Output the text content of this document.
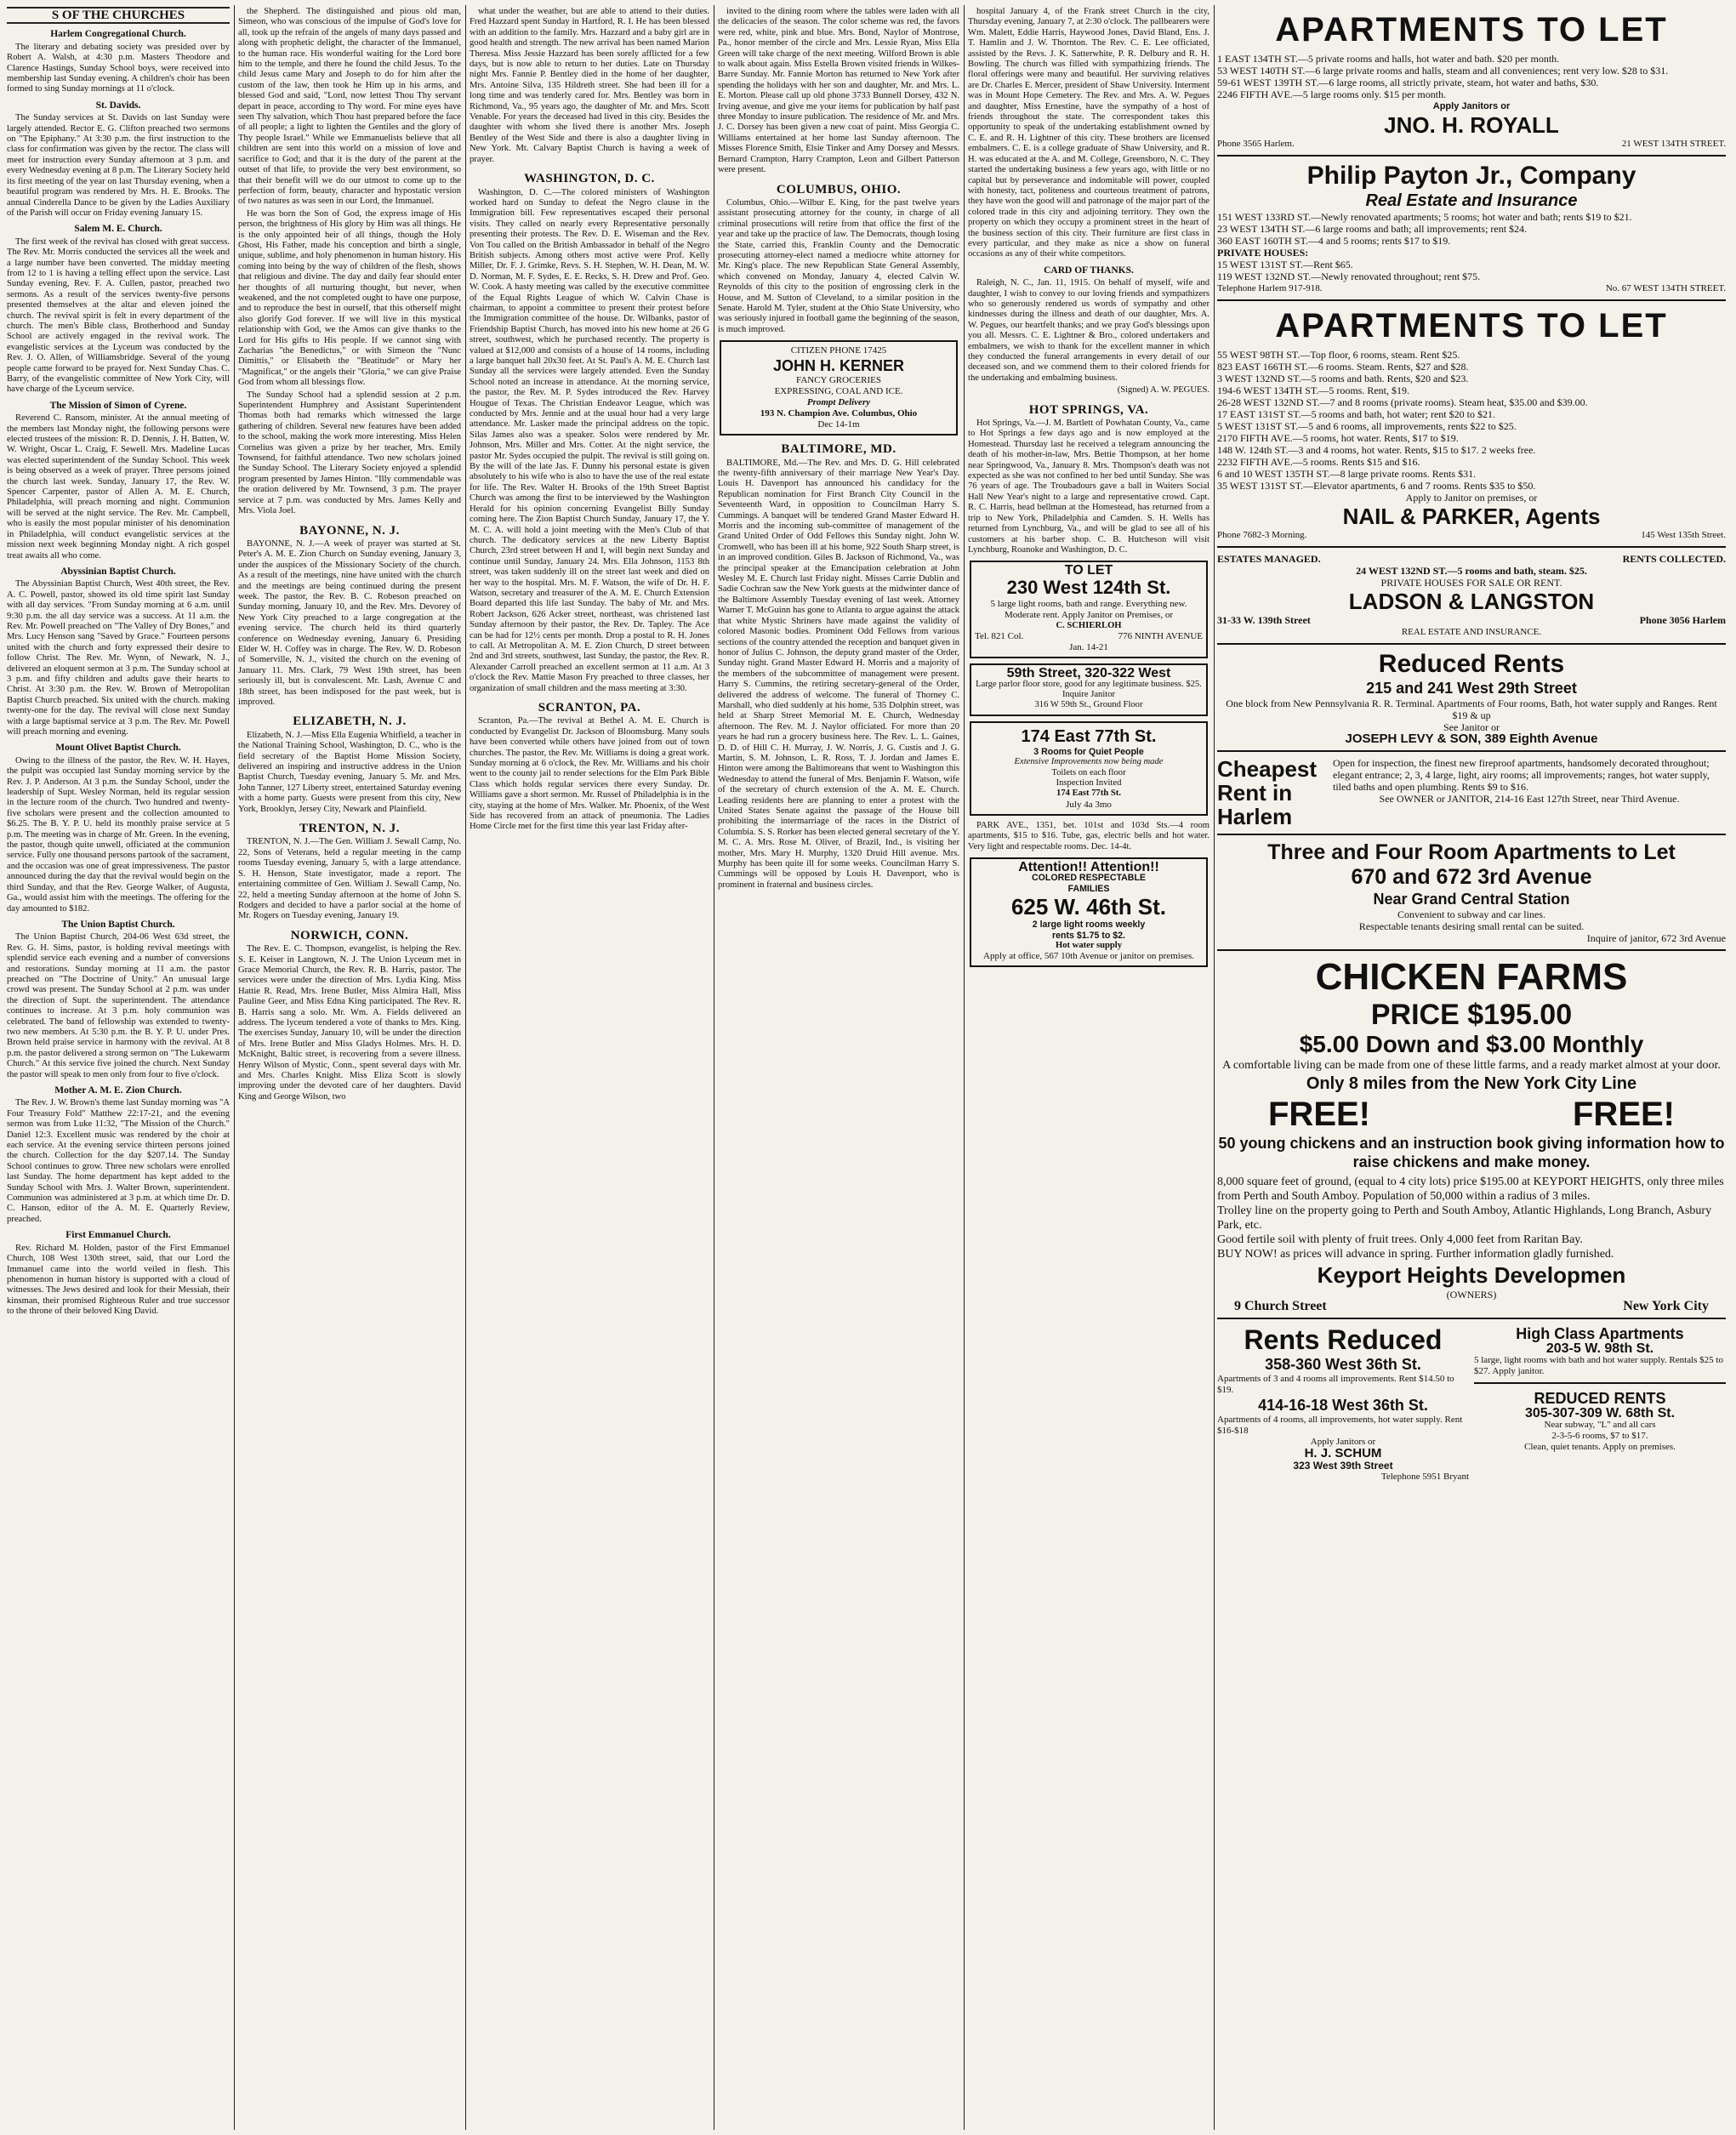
S OF THE CHURCHES
Harlem Congregational Church.

The literary and debating society was presided over by Robert A. Walsh, at 4:30 p.m. Masters Theodore and Clarence Hastings, Sunday School boys, were received into membership last Sunday evening. A children's choir has been formed to sing Sunday mornings at 11 o'clock.

St. Davids.

The Sunday services at St. Davids on last Sunday were largely attended. Rector E. G. Clifton preached two sermons on "The Epiphany." At 3:30 p.m. the first instruction to the class for confirmation was given by the rector. The class will meet for instruction every Sunday afternoon at 3 p.m. and every Wednesday evening at 8 p.m. The Literary Society held its first meeting of the year on last Thursday evening, when a beautiful program was rendered by Mrs. H. E. Brooks. The annual Cinderella Dance to be given by the Ladies Auxiliary of the Parish will occur on Friday evening January 15.

Salem M. E. Church.

The first week of the revival has closed with great success. The Rev. Mr. Morris conducted the services all the week and a large number have been converted. The midday meeting from 12 to 1 is having a telling effect upon the service. Last Sunday evening, Rev. F. A. Cullen, pastor, preached two sermons. As a result of the services twenty-five persons presented themselves at the altar and eleven joined the church. The revival spirit is felt in every department of the church. The men's Bible class, Brotherhood and Sunday School are actively engaged in the revival work. The evangelistic services at the Lyceum was conducted by the Rev. J. O. Allen, of Williamsbridge. Several of the young people came forward to be prayed for. Next Sunday Chas. C. Barry, of the evangelistic committee of New York City, will have charge of the Lyceum service.

The Mission of Simon of Cyrene.

Reverend C. Ransom, minister. At the annual meeting of the members last Monday night, the following persons were elected trustees of the mission: R. D. Dennis, J. H. Batten, W. W. Wright, Oscar L. Craig, F. Sewell. Mrs. Madeline Lucas was elected superintendent of the Sunday School. This week is being observed as a week of prayer. Three persons joined the church last week. Sunday, January 17, the Rev. W. Spencer Carpenter, pastor of Allen A. M. E. Church, Philadelphia, will preach morning and night. Communion will be served at the night service. The Rev. Mr. Campbell, who is easily the most popular minister of his denomination in Philadelphia, will conduct evangelistic services at the mission next week beginning Monday night. A rich gospel treat awaits all who come.

Abyssinian Baptist Church.

The Abyssinian Baptist Church, West 40th street, the Rev. A. C. Powell, pastor, showed its old time spirit last Sunday with all day services. "From Sunday morning at 6 a.m. until 9:30 p.m. the all day service was a success. At 11 a.m. the Rev. Mr. Powell preached on "The Valley of Dry Bones," and Mrs. Lucy Henson sang "Saved by Grace." Fourteen persons united with the church and forty expressed their desire to follow Christ. The Rev. Mr. Wynn, of Newark, N. J., delivered an eloquent sermon at 3 p.m. The Sunday school at 3 p.m. and fifty children and adults gave their hearts to Christ. At 3:30 p.m. the Rev. W. Brown of Metropolitan Baptist Church preached. Six united with the church. making twenty-one for the day. The revival will close next Sunday with a large baptismal service at 3 p.m. The Rev. Mr. Powell will preach morning and evening.

Mount Olivet Baptist Church.

Owing to the illness of the pastor, the Rev. W. H. Hayes, the pulpit was occupied last Sunday morning service by the Rev. J. P. Anderson. At 3 p.m. the Sunday School, under the leadership of Supt. Wesley Norman, held its regular session in the lecture room of the church. Two hundred and twenty-five scholars were present and the collection amounted to $6.25. The B. Y. P. U. held its monthly praise service at 5 p.m. The meeting was in charge of Mr. Green. In the evening, the pastor, though quite unwell, officiated at the communion service. Fully one thousand persons partook of the sacrament, and the occasion was one of great impressiveness. The pastor announced during the day that the revival would begin on the third Sunday, and that the Rev. George Walker, of Augusta, Ga., would assist him with the meetings. The offering for the day amounted to $182.

The Union Baptist Church.

The Union Baptist Church, 204-06 West 63d street, the Rev. G. H. Sims, pastor, is holding revival meetings with splendid service each evening and a number of conversions and restorations. Sunday morning at 11 a.m. the pastor preached on "The Doctrine of Unity." An unusual large crowd was present. The Sunday School at 2 p.m. was under the direction of Supt. the superintendent. The attendance continues to increase. At 3 p.m. holy communion was celebrated. The band of fellowship was extended to twenty-two new members. At 5:30 p.m. the B. Y. P. U. under Pres. Brown held praise service in harmony with the revival. At 8 p.m. the pastor delivered a strong sermon on "The Lukewarm Church." At this service five joined the church. Next Sunday the pastor will speak to men only from four to five o'clock.

Mother A. M. E. Zion Church.

The Rev. J. W. Brown's theme last Sunday morning was "A Four Treasury Fold" Matthew 22:17-21, and the evening sermon was from Luke 11:32, "The Mission of the Church." Daniel 12:3. Excellent music was rendered by the choir at each service. At the evening service thirteen persons joined the church. Collection for the day $207.14. The Sunday School continues to grow. Three new scholars were enrolled last Sunday. The home department has kept added to the Sunday School with Mrs. J. Walter Brown, superintendent. Communion was administered at 3 p.m. at which time Dr. D. C. Hanson, editor of the A. M. E. Quarterly Review, preached.

First Emmanuel Church.

Rev. Richard M. Holden, pastor of the First Emmanuel Church, 108 West 130th street, said, that our Lord the Immanuel came into the world veiled in flesh. This phenomenon in human history is supported with a cloud of witnesses. The Jews desired and look for their Messiah, their kinsman, their promised Righteous Ruler and true successor to the throne of their beloved King David.

the Shepherd. The distinguished and pious old man, Simeon, who was conscious of the impulse of God's love for all, took up the refrain of the angels of many days passed and along with prophetic delight, the character of the Immanuel, to the human race. His wonderful waiting for the Lord bore him to the temple, and there he found the child Jesus. To the child Jesus came Mary and Joseph to do for him after the custom of the law, then took he Him up in his arms, and blessed God and said, "Lord, now lettest Thou Thy servant depart in peace, according to Thy word. For mine eyes have seen Thy salvation, which Thou hast prepared before the face of all people; a light to lighten the Gentiles and the glory of Thy people Israel." While we Emmanuelists believe that all children are sent into this world on a mission of love and sacrifice to God; and that it is the duty of the parent at the outset of that life, to provide the very best environment, so that their benefit will we do our utmost to come up to the perfection of form, beauty, character and hypostatic version of two natures as was seen in our Lord, the Immanuel.

He was born the Son of God, the express image of His person, the brightness of His glory by Him was all things. He is the only appointed heir of all things, though the Holy Ghost, His Father, made his conception and birth a single, unique, sublime, and holy phenomenon in human history. His coming into being by the way of children of the flesh, shows that religious and divine. The day and daily fear should enter her thoughts of all nurturing thought, but never, when weakened, and the not completed ought to have one purpose, and to reproduce the best in ourself, that this otherself might also glorify God forever. If we will live in this mystical relationship with God, we the Amos can give thanks to the Lord for His gifts to His people. If we cannot sing with Zacharias "the Benedictus," or with Simeon the "Nunc Dimittis," or Elisabeth the "Beatitude" or Mary her "Magnificat," or the angels their "Gloria," we can give Praise God from whom all blessings flow.

The Sunday School had a splendid session at 2 p.m. Superintendent Humphrey and Assistant Superintendent Thomas both had remarks which witnessed the large gathering of children. Several new features have been added to the school, making the work more interesting. Miss Helen Cornelius was given a prize by her teacher, Mrs. Emily Townsend, for faithful attendance. Two new scholars joined the Sunday School. The Literary Society enjoyed a splendid program presented by James Hinton. "Illy commendable was the oration delivered by Mr. Townsend, 3 p.m. The prayer service at 7 p.m. was conducted by Mrs. James Kelly and Mrs. Viola Joel.

BAYONNE, N. J.

BAYONNE, N. J.—A week of prayer was started at St. Peter's A. M. E. Zion Church on Sunday evening, January 3, under the auspices of the Missionary Society of the church. As a result of the meetings, nine have united with the church and the meetings are being continued during the present week. The pastor, the Rev. B. C. Robeson preached on Sunday morning, January 10, and the Rev. Mrs. Devorey of New York City preached to a large congregation at the evening service. The church held its third quarterly conference on Wednesday evening, January 6. Presiding Elder W. H. Coffey was in charge. The Rev. W. D. Robeson of Somerville, N. J., visited the church on the evening of January 11. Mrs. Clark, 79 West 19th street, has been seriously ill, but is convalescent. Mr. Lash, Avenue C and 18th street, has been indisposed for the past week, but is improved.

ELIZABETH, N. J.

Elizabeth, N. J.—Miss Ella Eugenia Whitfield, a teacher in the National Training School, Washington, D. C., who is the field secretary of the Baptist Home Mission Society, delivered an inspiring and instructive address in the Union Baptist Church, Tuesday evening, January 5. Mr. and Mrs. John Tanner, 127 Liberty street, entertained Saturday evening with a home party. Guests were present from this city, New York, Brooklyn, Jersey City, Newark and Plainfield.

TRENTON, N. J.

TRENTON, N. J.—The Gen. William J. Sewall Camp, No. 22, Sons of Veterans, held a regular meeting in the camp rooms Tuesday evening, January 5, with a large attendance. S. H. Henson, State investigator, made a report. The entertaining committee of Gen. William J. Sewall Camp, No. 22, held a meeting Sunday afternoon at the home of John S. Rodgers and decided to have a parlor social at the home of Mr. Rogers on Tuesday evening, January 19.

NORWICH, CONN.

The Rev. E. C. Thompson, evangelist, is helping the Rev. S. E. Keiser in Langtown, N. J. The Union Lyceum met in Grace Memorial Church, the Rev. R. B. Harris, pastor. The services were under the direction of Mrs. Lydia King. Miss Hattie R. Read, Mrs. Irene Butler, Miss Almira Hall, Miss Pauline Geer, and Miss Edna King participated. The Rev. R. B. Harris sang a solo. Mr. Wm. A. Fields delivered an address. The lyceum tendered a vote of thanks to Mrs. King. The exercises Sunday, January 10, will be under the direction of Mrs. Irene Butler and Miss Gladys Holmes. Mrs. H. D. McKnight, Baltic street, is recovering from a severe illness. Henry Wilson of Mystic, Conn., spent several days with Mr. and Mrs. Charles Knight. Miss Eliza Scott is slowly improving under the devoted care of her daughters. David King and George Wilson, two

what under the weather, but are able to attend to their duties. Fred Hazzard spent Sunday in Hartford, R. I. He has been blessed with an addition to the family. Mrs. Hazzard and a baby girl are in good health and strength. The new arrival has been named Marion Theresa. Miss Jessie Hazzard has been sorely afflicted for a few days, but is now able to return to her duties. Late on Thursday night Mrs. Fannie P. Bentley died in the home of her daughter, Mrs. Antoine Silva, 135 Hildreth street. She had been ill for a long time and was tenderly cared for. Mrs. Bentley was born in Richmond, Va., 95 years ago, the daughter of Mr. and Mrs. Scott Venable. For years the deceased had lived in this city. Besides the daughter with whom she lived there is another Mrs. Joseph Bentley of the West Side and there is also a daughter living in New York. Mt. Calvary Baptist Church is having a week of prayer.

WASHINGTON, D. C.

Washington, D. C.—The colored ministers of Washington worked hard on Sunday to defeat the Negro clause in the Immigration bill. Few representatives escaped their personal visits. They called on nearly every Representative personally presenting their protests. The Rev. D. E. Wiseman and the Rev. Von Tou called on the British Ambassador in behalf of the Negro British subjects. Among others most active were Prof. Kelly Miller, Dr. F. J. Grimke, Revs. S. H. Stephen, W. H. Dean, M. W. D. Norman, M. F. Sydes, E. E. Recks, S. H. Drew and Prof. Geo. W. Cook. A hasty meeting was called by the executive committee of the Equal Rights League of which W. Calvin Chase is chairman, to appoint a committee to present their protest before the Immigration committee of the house. Dr. Wilbanks, pastor of Friendship Baptist Church, has moved into his new home at 26 G street, southwest, which he purchased recently. The property is valued at $12,000 and consists of a house of 14 rooms, including a large banquet hall 20x30 feet. At St. Paul's A. M. E. Church last Sunday all the services were largely attended. Even the Sunday School noted an increase in attendance. At the morning service, the pastor, the Rev. M. P. Sydes introduced the Rev. Harvey Hougue of Texas. The Christian Endeavor League, which was conducted by Mrs. Jennie and at the usual hour had a very large attendance. Mr. Lasker made the principal address on the topic. Silas James also was a speaker. Solos were rendered by Mr. Johnson, Mrs. Miller and Mrs. Cotter. At the night service, the pastor Mr. Sydes occupied the pulpit. The revival is still going on. By the will of the late Jas. F. Dunny his personal estate is given absolutely to his wife who is also to have the use of the real estate for life. The Rev. Walter H. Brooks of the 19th Street Baptist Church was among the first to be interviewed by the Washington Herald for his opinion concerning Evangelist Billy Sunday coming here. The Zion Baptist Church Sunday, January 17, the Y. M. C. A. will hold a joint meeting with the Men's Club of that church. The dedicatory services at the new Liberty Baptist Church, 23rd street between H and I, will begin next Sunday and continue until Sunday, January 24. Mrs. Ella Johnson, 1153 8th street, was taken suddenly ill on the street last week and died on her way to the hospital. Mrs. M. F. Watson, the wife of Dr. H. F. Watson, secretary and treasurer of the A. M. E. Church Extension Board departed this life last Sunday. The baby of Mr. and Mrs. Robert Jackson, 626 Acker street, northeast, was christened last Sunday afternoon by their pastor, the Rev. Dr. Tapley. The Ace can be had for 12½ cents per month. Drop a postal to R. H. Jones to call. At Metropolitan A. M. E. Zion Church, D street between 2nd and 3rd streets, southwest, last Sunday, the pastor, the Rev. R. Alexander Carroll preached an excellent sermon at 11 a.m. At 3 o'clock the Rev. Mattie Mason Fry preached to three classes, her organization of small children and the mass meeting at 3:30.

SCRANTON, PA.

Scranton, Pa.—The revival at Bethel A. M. E. Church is conducted by Evangelist Dr. Jackson of Bloomsburg. Many souls have been converted while others have joined from out of town churches. The pastor, the Rev. Mr. Williams is doing a great work. Sunday morning at 6 o'clock, the Rev. Mr. Williams and his choir went to the county jail to render selections for the Elm Park Bible Class which holds regular services there every Sunday. Dr. Williams gave a short sermon. Mr. Russel of Philadelphia is in the city, staying at the home of Mrs. Walker. Mr. Phoenix, of the West Side has recovered from an attack of pneumonia. The Ladies Home Circle met for the first time this year last Friday after-

invited to the dining room where the tables were laden with all the delicacies of the season. The color scheme was red, the favors were red, white, pink and blue. Mrs. Bond, Naylor of Montrose, Pa., honor member of the circle and Mrs. Lessie Ryan, Miss Ella Green will take charge of the next meeting. Wilford Brown is able to walk about again. Miss Estella Brown visited friends in Wilkes-Barre Sunday. Mr. Fannie Morton has returned to New York after spending the holidays with her son and daughter, Mr. and Mrs. L. E. Morton. Please call up old phone 3733 Bunnell Dorsey, 432 N. Irving avenue, and give me your items for publication by half past three Monday to insure publication. The residence of Mr. and Mrs. J. C. Dorsey has been given a new coat of paint. Miss Georgia C. Williams entertained at her home last Sunday afternoon. The Misses Florence Smith, Elsie Tinker and Amy Dorsey and Messrs. Bernard Crampton, Harry Crampton, Leon and Gilbert Patterson were present.

COLUMBUS, OHIO.

Columbus, Ohio.—Wilbur E. King, for the past twelve years assistant prosecuting attorney for the county, in charge of all criminal prosecutions will retire from that office the first of the year and take up the practice of law. The Democrats, though losing the State, carried this, Franklin County and the Democratic prosecuting attorney-elect named a mediocre white attorney for Mr. King's place. The new Republican State General Assembly, which convened on Monday, January 4, elected Calvin W. Reynolds of this city to the position of engrossing clerk in the House, and M. Sutton of Cleveland, to a similar position in the Senate. Harold M. Tyler, student at the Ohio State University, who was seriously injured in football game the beginning of the season, is much improved.

CITIZEN PHONE 17425
JOHN H. KERNER
FANCY GROCERIES
EXPRESSING, COAL AND ICE.
Prompt Delivery
193 N. Champion Ave. Columbus, Ohio
Dec 14-1m
BALTIMORE, MD.

BALTIMORE, Md.—The Rev. and Mrs. D. G. Hill celebrated the twenty-fifth anniversary of their marriage New Year's Day. Louis H. Davenport has announced his candidacy for the Republican nomination for First Branch City Council in the Seventeenth Ward, in opposition to Councilman Harry S. Cummings. A banquet will be tendered Grand Master Edward H. Morris and the incoming sub-committee of management of the Grand United Order of Odd Fellows this Sunday night. John W. Cromwell, who has been ill at his home, 922 South Sharp street, is in an improved condition. Giles B. Jackson of Richmond, Va., was the principal speaker at the Emancipation celebration at John Wesley M. E. Church last Friday night. Misses Carrie Dublin and Sadie Cochran saw the New York guests at the midwinter dance of the Baltimore Assembly Tuesday evening of last week. Attorney Warner T. McGuinn has gone to Atlanta to argue against the attack that white Mystic Shriners have made against the validity of colored Masonic bodies. Prominent Odd Fellows from various sections of the country attended the reception and banquet given in honor of Julius C. Johnson, the deputy grand master of the Order, Sunday night. Grand Master Edward H. Morris and a majority of the members of the subcommittee of management were present. Harry S. Cummins, the retiring secretary-general of the Order, delivered the address of welcome. The funeral of Thorney C. Marshall, who died suddenly at his home, 535 Dolphin street, was held at Sharp Street Memorial M. E. Church, Wednesday afternoon. The Rev. M. J. Naylor officiated. For more than 20 years he had run a grocery business here. The Rev. L. L. Gaines, D. D. of Hill C. H. Murray, J. W. Norris, J. G. Custis and J. G. Martin, S. M. Johnson, L. R. Ross, T. J. Jordan and James E. Hinton were among the Baltimoreans that went to Washington this Wednesday to attend the funeral of Mrs. Benjamin F. Watson, wife of the secretary of church extension of the A. M. E. Church. Leading residents here are planning to enter a protest with the United States Senate against the passage of the House bill prohibiting the intermarriage of the races in the District of Columbia. S. S. Rorker has been elected general secretary of the Y. M. C. A. Mrs. Rose M. Oliver, of Brazil, Ind., is visiting her mother, Mrs. Mary H. Murphy, 1320 Druid Hill avenue. Mrs. Murphy has been quite ill for some weeks. Councilman Harry S. Cummings will be opposed by Louis H. Davenport, who is prominent in fraternal and business circles.

hospital January 4, of the Frank street Church in the city, Thursday evening, January 7, at 2:30 o'clock. The pallbearers were Wm. Malett, Eddie Harris, Haywood Jones, David Bland, Ens. J. T. Hamlin and J. W. Thornton. The Rev. C. E. Lee officiated, assisted by the Revs. J. K. Satterwhite, P. R. Delbury and R. H. Bowling. The church was filled with sympathizing friends. The floral offerings were many and beautiful. Her surviving relatives are Dr. Charles E. Mercer, president of Shaw University. Interment was in Mount Hope Cemetery. The Rev. and Mrs. A. W. Pegues and daughter, Miss Ernestine, have the sympathy of a host of friends throughout the state. The correspondent takes this opportunity to speak of the undertaking establishment owned by C. E. and R. H. Lightner of this city. These brothers are licensed embalmers. C. E. is a college graduate of Shaw University, and R. H. was educated at the A. and M. College, Greensboro, N. C. They started the undertaking business a few years ago, with little or no capital but by perseverance and indomitable will power, coupled with honesty, tact, politeness and courteous treatment of patrons, they have won the good will and patronage of the major part of the colored trade in this city and adjoining territory. They own the property on which they occupy a prominent street in the heart of the business section of this city. Their furniture are first class in every particular, and they make as nice a show on funeral occasions as any of their white competitors.

CARD OF THANKS.

Raleigh, N. C., Jan. 11, 1915. On behalf of myself, wife and daughter, I wish to convey to our loving friends and sympathizers who so generously rendered us words of sympathy and other kindnesses during the illness and death of our daughter, Mrs. A. W. Pegues, our heartfelt thanks; and we pray God's blessings upon you all. Messrs. C. E. Lightner & Bro., colored undertakers and embalmers, we wish to thank for the excellent manner in which they conducted the funeral arrangements in every detail of our deceased son, and we commend them to their colored friends for the undertaking and embalming business.

(Signed) A. W. PEGUES.
HOT SPRINGS, VA.

Hot Springs, Va.—J. M. Bartlett of Powhatan County, Va., came to Hot Springs a few days ago and is now employed at the Homestead. Thursday last he received a telegram announcing the death of his mother-in-law, Mrs. Bettie Thompson, at her home near Springwood, Va., January 8. Mrs. Thompson's death was not expected as she was not confined to her bed until Sunday. She was 76 years of age. The Troubadours gave a ball in Waiters Social Hall New Year's night to a large and representative crowd. Capt. R. C. Harris, head bellman at the Homestead, has returned from a trip to New York, Philadelphia and Camden. S. H. Wells has returned from Lynchburg, Va., and will be glad to see all of his customers at his barber shop. C. B. Hutcheson will visit Lynchburg, Roanoke and Washington, D. C.

TO LET
230 West 124th St.
5 large light rooms, bath and range. Everything new. Moderate rent. Apply Janitor on Premises, or
C. SCHIERLOH
Tel. 821 Col.	776 NINTH AVENUE
Jan. 14-21
59th Street, 320-322 West
Large parlor floor store, good for any legitimate business. $25. Inquire Janitor
316 W 59th St., Ground Floor
174 East 77th St.
3 Rooms for Quiet People
Extensive Improvements now being made
Toilets on each floor
Inspection Invited
174 East 77th St.
July 4a 3mo

PARK AVE., 1351, bet. 101st and 103d Sts.—4 room apartments, $15 to $16. Tube, gas, electric bells and hot water. Very light and respectable rooms. Dec. 14-4t.

Attention!! Attention!!
COLORED RESPECTABLE
FAMILIES
625 W. 46th St.
2 large light rooms weekly
rents $1.75 to $2.
Hot water supply
Apply at office, 567 10th Avenue or janitor on premises.
APARTMENTS TO LET
1 EAST 134TH ST.—5 private rooms and halls, hot water and bath. $20 per month.
53 WEST 140TH ST.—6 large private rooms and halls, steam and all conveniences; rent very low. $28 to $31.
59-61 WEST 139TH ST.—6 large rooms, all strictly private, steam, hot water and baths, $30.
2246 FIFTH AVE.—5 large rooms only. $15 per month.
Apply Janitors or
JNO. H. ROYALL
Phone 3565 Harlem.	21 WEST 134TH STREET.
Philip Payton Jr., Company
Real Estate and Insurance
151 WEST 133RD ST.—Newly renovated apartments; 5 rooms; hot water and bath; rents $19 to $21.
23 WEST 134TH ST.—6 large rooms and bath; all improvements; rent $24.
360 EAST 160TH ST.—4 and 5 rooms; rents $17 to $19.
PRIVATE HOUSES:
15 WEST 131ST ST.—Rent $65.
119 WEST 132ND ST.—Newly renovated throughout; rent $75.
Telephone Harlem 917-918.	No. 67 WEST 134TH STREET.
APARTMENTS TO LET
55 WEST 98TH ST.—Top floor, 6 rooms, steam. Rent $25.
823 EAST 166TH ST.—6 rooms. Steam. Rents, $27 and $28.
3 WEST 132ND ST.—5 rooms and bath. Rents, $20 and $23.
194-6 WEST 134TH ST.—5 rooms. Rent, $19.
26-28 WEST 132ND ST.—7 and 8 rooms (private rooms). Steam heat, $35.00 and $39.00.
17 EAST 131ST ST.—5 rooms and bath, hot water; rent $20 to $21.
5 WEST 131ST ST.—5 and 6 rooms, all improvements, rents $22 to $25.
2170 FIFTH AVE.—5 rooms, hot water. Rents, $17 to $19.
148 W. 124th ST.—3 and 4 rooms, hot water. Rents, $15 to $17. 2 weeks free.
2232 FIFTH AVE.—5 rooms. Rents $15 and $16.
6 and 10 WEST 135TH ST.—8 large private rooms. Rents $31.
35 WEST 131ST ST.—Elevator apartments, 6 and 7 rooms. Rents $35 to $50.
Apply to Janitor on premises, or
NAIL & PARKER, Agents
Phone 7682-3 Morning.	145 West 135th Street.
ESTATES MANAGED.	RENTS COLLECTED.
24 WEST 132ND ST.—5 rooms and bath, steam. $25.
PRIVATE HOUSES FOR SALE OR RENT.
LADSON & LANGSTON
31-33 W. 139th Street	Phone 3056 Harlem
REAL ESTATE AND INSURANCE.
Reduced Rents
215 and 241 West 29th Street
One block from New Pennsylvania R. R. Terminal. Apartments of Four rooms, Bath, hot water supply and Ranges. Rent $19 & up
See Janitor or
JOSEPH LEVY & SON, 389 Eighth Avenue
Cheapest Rent in Harlem
Open for inspection, the finest new fireproof apartments, handsomely decorated throughout; elegant entrance; 2, 3, 4 large, light, airy rooms; all improvements; ranges, hot water supply, tiled baths and open plumbing. Rents $9 to $16.
See OWNER or JANITOR, 214-16 East 127th Street, near Third Avenue.
Three and Four Room Apartments to Let
670 and 672 3rd Avenue
Near Grand Central Station
Convenient to subway and car lines.
Respectable tenants desiring small rental can be suited.
Inquire of janitor, 672 3rd Avenue
CHICKEN FARMS
PRICE $195.00
$5.00 Down and $3.00 Monthly
A comfortable living can be made from one of these little farms, and a ready market almost at your door.
Only 8 miles from the New York City Line
FREE!	FREE!
50 young chickens and an instruction book giving information how to raise chickens and make money.
8,000 square feet of ground, (equal to 4 city lots) price $195.00 at KEYPORT HEIGHTS, only three miles from Perth and South Amboy. Population of 50,000 within a radius of 3 miles.
Trolley line on the property going to Perth and South Amboy, Atlantic Highlands, Long Branch, Asbury Park, etc.
Good fertile soil with plenty of fruit trees. Only 4,000 feet from Raritan Bay.
BUY NOW! as prices will advance in spring. Further information gladly furnished.
Keyport Heights Developmen
(OWNERS)
9 Church Street	New York City
Rents Reduced
358-360 West 36th St.
Apartments of 3 and 4 rooms all improvements. Rent $14.50 to $19.
414-16-18 West 36th St.
Apartments of 4 rooms, all improvements, hot water supply. Rent $16-$18
Apply Janitors or
H. J. SCHUM
323 West 39th Street
Telephone 5951 Bryant
High Class Apartments
203-5 W. 98th St.
5 large, light rooms with bath and hot water supply. Rentals $25 to $27. Apply janitor.
REDUCED RENTS
305-307-309 W. 68th St.
Near subway, "L" and all cars
2-3-5-6 rooms, $7 to $17.
Clean, quiet tenants. Apply on premises.
